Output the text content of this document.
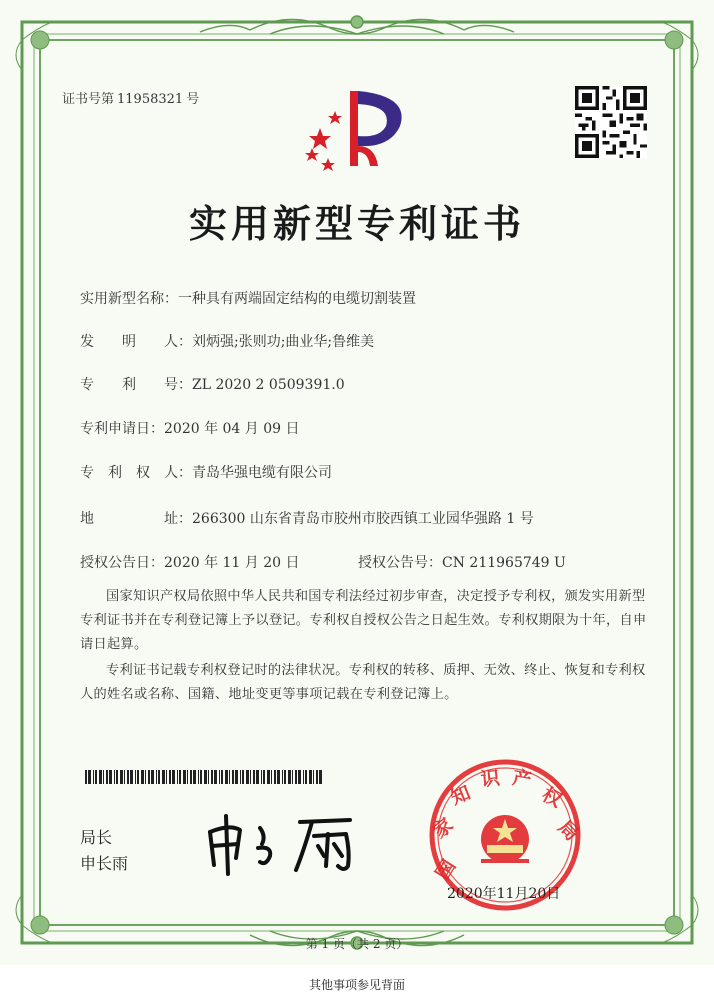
证书号第 11958321 号
实用新型专利证书
实用新型名称：一种具有两端固定结构的电缆切割装置
发　　明　　人：刘炳强;张则功;曲业华;鲁维美
专　　利　　号：ZL 2020 2 0509391.0
专利申请日：2020 年 04 月 09 日
专　利　权　人：青岛华强电缆有限公司
地　　　　　址：266300 山东省青岛市胶州市胶西镇工业园华强路 1 号
授权公告日：2020 年 11 月 20 日	授权公告号：CN 211965749 U
国家知识产权局依照中华人民共和国专利法经过初步审查，决定授予专利权，颁发实用新型专利证书并在专利登记簿上予以登记。专利权自授权公告之日起生效。专利权期限为十年，自申请日起算。
专利证书记载专利权登记时的法律状况。专利权的转移、质押、无效、终止、恢复和专利权人的姓名或名称、国籍、地址变更等事项记载在专利登记簿上。
局长
申长雨	国
家
知
识 产
权
局
2020年11月20日
第 1 页（共 2 页）
其他事项参见背面
